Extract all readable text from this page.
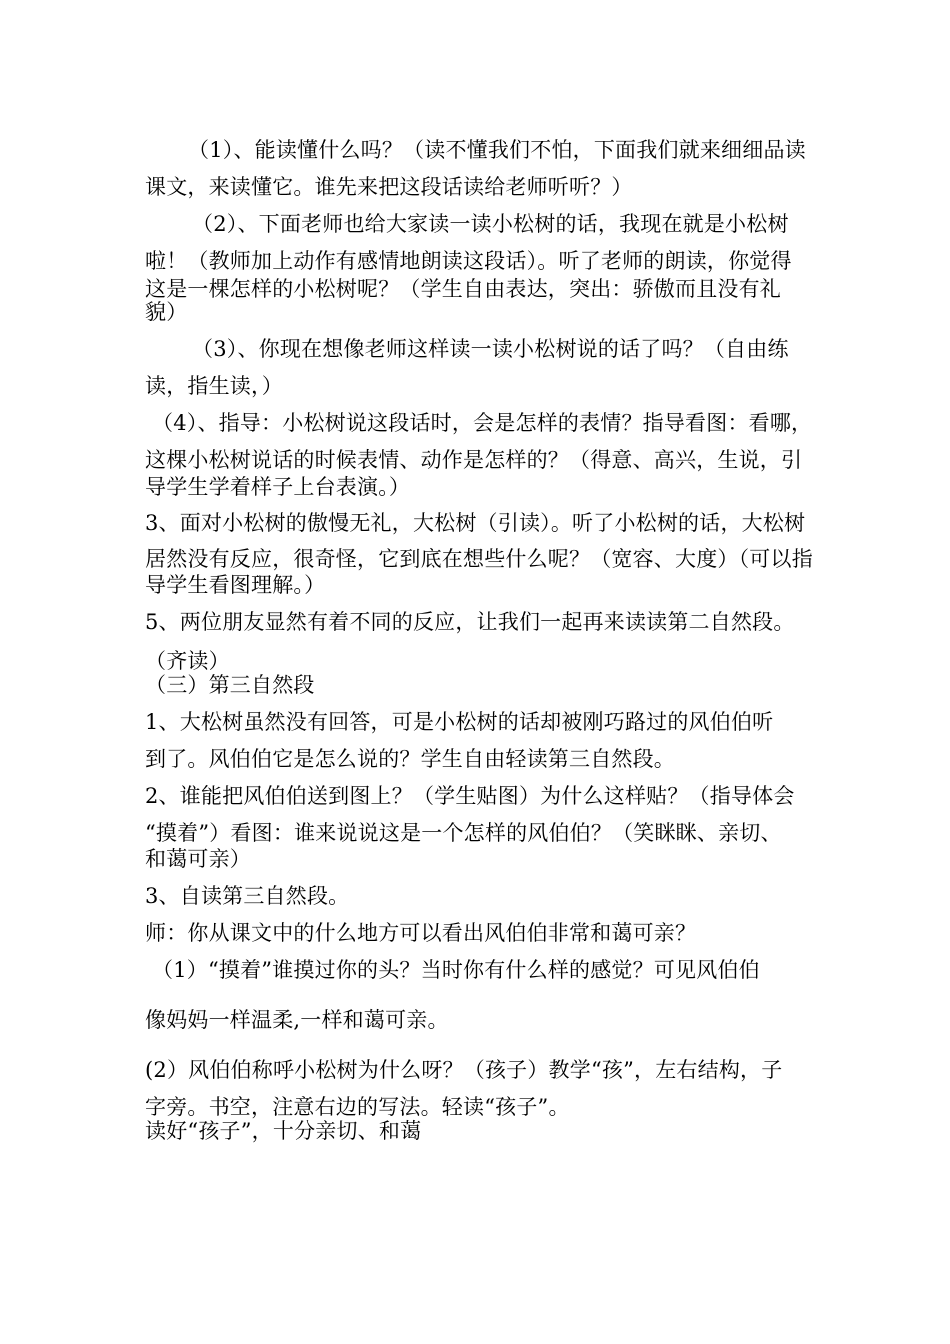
（1）、能读懂什么吗？（读不懂我们不怕，下面我们就来细细品读
课文，来读懂它。谁先来把这段话读给老师听听？）
（2）、下面老师也给大家读一读小松树的话，我现在就是小松树
啦！（教师加上动作有感情地朗读这段话）。听了老师的朗读，你觉得
这是一棵怎样的小松树呢？（学生自由表达，突出：骄傲而且没有礼
貌）
（3）、你现在想像老师这样读一读小松树说的话了吗？（自由练
读，指生读，）
（4）、指导：小松树说这段话时，会是怎样的表情？指导看图：看哪，
这棵小松树说话的时候表情、动作是怎样的？（得意、高兴，生说，引
导学生学着样子上台表演。）
3、面对小松树的傲慢无礼，大松树（引读）。听了小松树的话，大松树
居然没有反应，很奇怪，它到底在想些什么呢？（宽容、大度）（可以指
导学生看图理解。）
5、两位朋友显然有着不同的反应，让我们一起再来读读第二自然段。
（齐读）
（三）第三自然段
1、大松树虽然没有回答，可是小松树的话却被刚巧路过的风伯伯听
到了。风伯伯它是怎么说的？学生自由轻读第三自然段。
2、谁能把风伯伯送到图上？（学生贴图）为什么这样贴？（指导体会
“摸着”）看图：谁来说说这是一个怎样的风伯伯？（笑眯眯、亲切、
和蔼可亲）
3、自读第三自然段。
师：你从课文中的什么地方可以看出风伯伯非常和蔼可亲？
（1）“摸着”谁摸过你的头？当时你有什么样的感觉？可见风伯伯
像妈妈一样温柔,一样和蔼可亲。
(2）风伯伯称呼小松树为什么呀？（孩子）教学“孩”，左右结构，子
字旁。书空，注意右边的写法。轻读“孩子”。
读好“孩子”，十分亲切、和蔼
